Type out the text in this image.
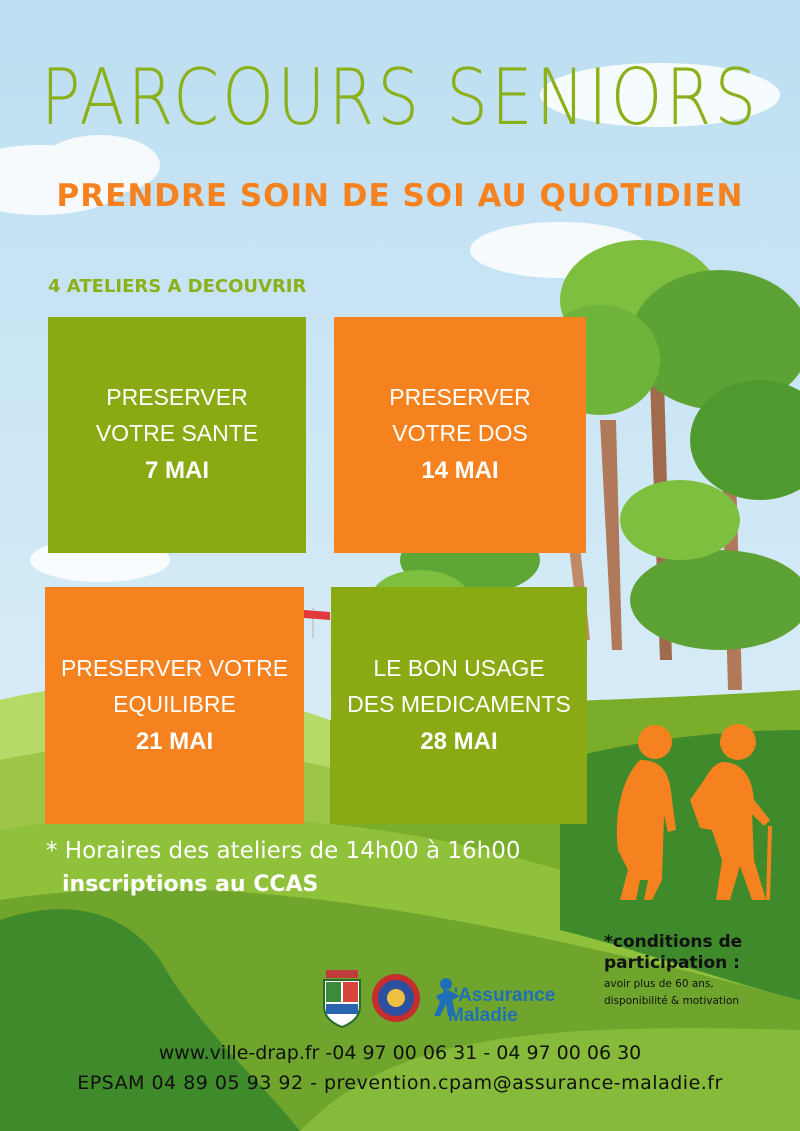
PARCOURS SENIORS
PRENDRE SOIN DE SOI AU QUOTIDIEN

4 ATELIERS A DECOUVRIR

PRESERVER
VOTRE SANTE
7 MAI
PRESERVER
VOTRE DOS
14 MAI
PRESERVER VOTRE
EQUILIBRE
21 MAI
LE BON USAGE
DES MEDICAMENTS
28 MAI

* Horaires des ateliers de 14h00 à 16h00

inscriptions au CCAS

*conditions de participation :

avoir plus de 60 ans,

disponibilité & motivation

L'Assurance
Maladie

www.ville-drap.fr -04 97 00 06 31 - 04 97 00 06 30

EPSAM 04 89 05 93 92 - prevention.cpam@assurance-maladie.fr
